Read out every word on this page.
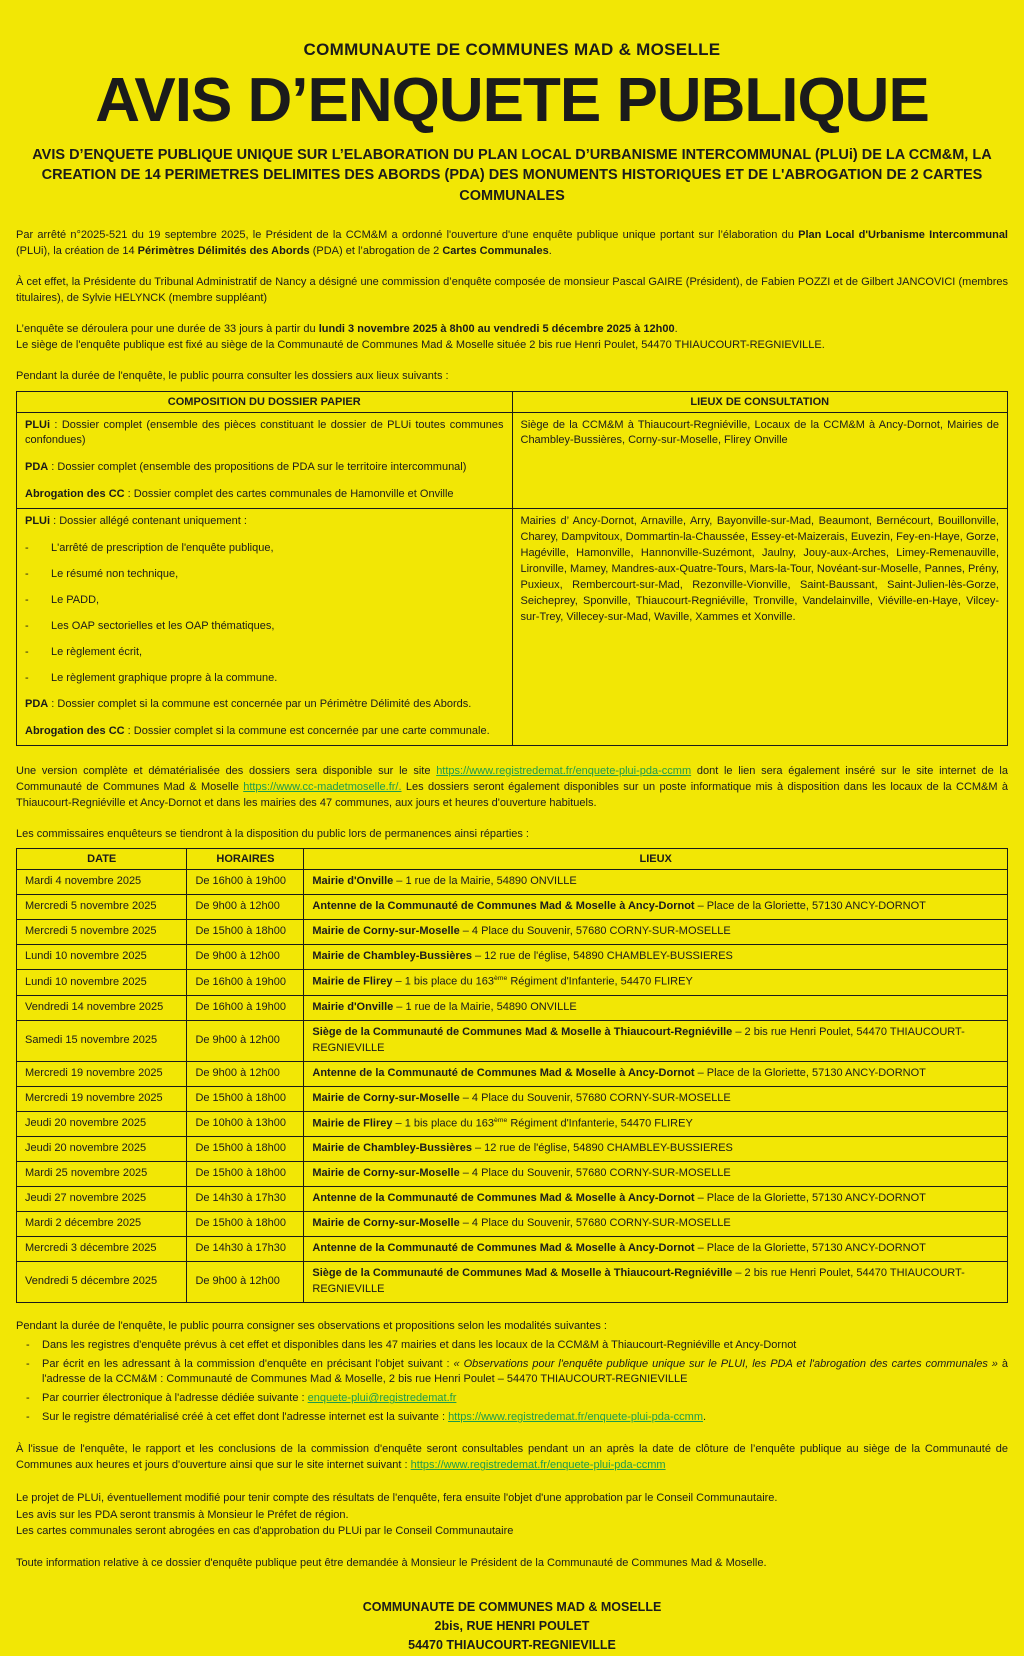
COMMUNAUTE DE COMMUNES MAD & MOSELLE
AVIS D’ENQUETE PUBLIQUE
AVIS D’ENQUETE PUBLIQUE UNIQUE SUR L’ELABORATION DU PLAN LOCAL D’URBANISME INTERCOMMUNAL (PLUi) DE LA CCM&M, LA CREATION DE 14 PERIMETRES DELIMITES DES ABORDS (PDA) DES MONUMENTS HISTORIQUES ET DE L'ABROGATION DE 2 CARTES COMMUNALES

Par arrêté n°2025-521 du 19 septembre 2025, le Président de la CCM&M a ordonné l'ouverture d'une enquête publique unique portant sur l’élaboration du Plan Local d'Urbanisme Intercommunal (PLUi), la création de 14 Périmètres Délimités des Abords (PDA) et l’abrogation de 2 Cartes Communales.

À cet effet, la Présidente du Tribunal Administratif de Nancy a désigné une commission d’enquête composée de monsieur Pascal GAIRE (Président), de Fabien POZZI et de Gilbert JANCOVICI (membres titulaires), de Sylvie HELYNCK (membre suppléant)

L’enquête se déroulera pour une durée de 33 jours à partir du lundi 3 novembre 2025 à 8h00 au vendredi 5 décembre 2025 à 12h00.
Le siège de l'enquête publique est fixé au siège de la Communauté de Communes Mad & Moselle située 2 bis rue Henri Poulet, 54470 THIAUCOURT-REGNIEVILLE.

Pendant la durée de l'enquête, le public pourra consulter les dossiers aux lieux suivants :

COMPOSITION DU DOSSIER PAPIER	LIEUX DE CONSULTATION

PLUi : Dossier complet (ensemble des pièces constituant le dossier de PLUi toutes communes confondues)
PDA : Dossier complet (ensemble des propositions de PDA sur le territoire intercommunal)
Abrogation des CC : Dossier complet des cartes communales de Hamonville et Onville	Siège de la CCM&M à Thiaucourt-Regniéville, Locaux de la CCM&M à Ancy-Dornot, Mairies de Chambley-Bussières, Corny-sur-Moselle, Flirey Onville

PLUi : Dossier allégé contenant uniquement :
-	L'arrêté de prescription de l'enquête publique,
-	Le résumé non technique,
-	Le PADD,
-	Les OAP sectorielles et les OAP thématiques,
-	Le règlement écrit,
-	Le règlement graphique propre à la commune.
PDA : Dossier complet si la commune est concernée par un Périmètre Délimité des Abords.
Abrogation des CC : Dossier complet si la commune est concernée par une carte communale.
	Mairies d’ Ancy-Dornot, Arnaville, Arry, Bayonville-sur-Mad, Beaumont, Bernécourt, Bouillonville, Charey, Dampvitoux, Dommartin-la-Chaussée, Essey-et-Maizerais, Euvezin, Fey-en-Haye, Gorze, Hagéville, Hamonville, Hannonville-Suzémont, Jaulny, Jouy-aux-Arches, Limey-Remenauville, Lironville, Mamey, Mandres-aux-Quatre-Tours, Mars-la-Tour, Novéant-sur-Moselle, Pannes, Prény, Puxieux, Rembercourt-sur-Mad, Rezonville-Vionville, Saint-Baussant, Saint-Julien-lès-Gorze, Seicheprey, Sponville, Thiaucourt-Regniéville, Tronville, Vandelainville, Viéville-en-Haye, Vilcey-sur-Trey, Villecey-sur-Mad, Waville, Xammes et Xonville.

Une version complète et dématérialisée des dossiers sera disponible sur le site https://www.registredemat.fr/enquete-plui-pda-ccmm dont le lien sera également inséré sur le site internet de la Communauté de Communes Mad & Moselle https://www.cc-madetmoselle.fr/. Les dossiers seront également disponibles sur un poste informatique mis à disposition dans les locaux de la CCM&M à Thiaucourt-Regniéville et Ancy-Dornot et dans les mairies des 47 communes, aux jours et heures d'ouverture habituels.

Les commissaires enquêteurs se tiendront à la disposition du public lors de permanences ainsi réparties :

DATE	HORAIRES	LIEUX
Mardi 4 novembre 2025	De 16h00 à 19h00	Mairie d'Onville – 1 rue de la Mairie, 54890 ONVILLE
Mercredi 5 novembre 2025	De 9h00 à 12h00	Antenne de la Communauté de Communes Mad & Moselle à Ancy-Dornot – Place de la Gloriette, 57130 ANCY-DORNOT
Mercredi 5 novembre 2025	De 15h00 à 18h00	Mairie de Corny-sur-Moselle – 4 Place du Souvenir, 57680 CORNY-SUR-MOSELLE
Lundi 10 novembre 2025	De 9h00 à 12h00	Mairie de Chambley-Bussières – 12 rue de l'église, 54890 CHAMBLEY-BUSSIERES
Lundi 10 novembre 2025	De 16h00 à 19h00	Mairie de Flirey – 1 bis place du 163ème Régiment d'Infanterie, 54470 FLIREY
Vendredi 14 novembre 2025	De 16h00 à 19h00	Mairie d'Onville – 1 rue de la Mairie, 54890 ONVILLE
Samedi 15 novembre 2025	De 9h00 à 12h00	Siège de la Communauté de Communes Mad & Moselle à Thiaucourt-Regniéville – 2 bis rue Henri Poulet, 54470 THIAUCOURT-REGNIEVILLE
Mercredi 19 novembre 2025	De 9h00 à 12h00	Antenne de la Communauté de Communes Mad & Moselle à Ancy-Dornot – Place de la Gloriette, 57130 ANCY-DORNOT
Mercredi 19 novembre 2025	De 15h00 à 18h00	Mairie de Corny-sur-Moselle – 4 Place du Souvenir, 57680 CORNY-SUR-MOSELLE
Jeudi 20 novembre 2025	De 10h00 à 13h00	Mairie de Flirey – 1 bis place du 163ème Régiment d'Infanterie, 54470 FLIREY
Jeudi 20 novembre 2025	De 15h00 à 18h00	Mairie de Chambley-Bussières – 12 rue de l'église, 54890 CHAMBLEY-BUSSIERES
Mardi 25 novembre 2025	De 15h00 à 18h00	Mairie de Corny-sur-Moselle – 4 Place du Souvenir, 57680 CORNY-SUR-MOSELLE
Jeudi 27 novembre 2025	De 14h30 à 17h30	Antenne de la Communauté de Communes Mad & Moselle à Ancy-Dornot – Place de la Gloriette, 57130 ANCY-DORNOT
Mardi 2 décembre 2025	De 15h00 à 18h00	Mairie de Corny-sur-Moselle – 4 Place du Souvenir, 57680 CORNY-SUR-MOSELLE
Mercredi 3 décembre 2025	De 14h30 à 17h30	Antenne de la Communauté de Communes Mad & Moselle à Ancy-Dornot – Place de la Gloriette, 57130 ANCY-DORNOT
Vendredi 5 décembre 2025	De 9h00 à 12h00	Siège de la Communauté de Communes Mad & Moselle à Thiaucourt-Regniéville – 2 bis rue Henri Poulet, 54470 THIAUCOURT-REGNIEVILLE
Pendant la durée de l'enquête, le public pourra consigner ses observations et propositions selon les modalités suivantes :
-	Dans les registres d'enquête prévus à cet effet et disponibles dans les 47 mairies et dans les locaux de la CCM&M à Thiaucourt-Regniéville et Ancy-Dornot
-	Par écrit en les adressant à la commission d'enquête en précisant l'objet suivant : « Observations pour l'enquête publique unique sur le PLUI, les PDA et l'abrogation des cartes communales » à l'adresse de la CCM&M : Communauté de Communes Mad & Moselle, 2 bis rue Henri Poulet – 54470 THIAUCOURT-REGNIEVILLE
-	Par courrier électronique à l'adresse dédiée suivante : enquete-plui@registredemat.fr
-	Sur le registre dématérialisé créé à cet effet dont l'adresse internet est la suivante : https://www.registredemat.fr/enquete-plui-pda-ccmm.

À l'issue de l'enquête, le rapport et les conclusions de la commission d'enquête seront consultables pendant un an après la date de clôture de l’enquête publique au siège de la Communauté de Communes aux heures et jours d'ouverture ainsi que sur le site internet suivant : https://www.registredemat.fr/enquete-plui-pda-ccmm

Le projet de PLUi, éventuellement modifié pour tenir compte des résultats de l'enquête, fera ensuite l'objet d'une approbation par le Conseil Communautaire.
Les avis sur les PDA seront transmis à Monsieur le Préfet de région.
Les cartes communales seront abrogées en cas d'approbation du PLUi par le Conseil Communautaire

Toute information relative à ce dossier d'enquête publique peut être demandée à Monsieur le Président de la Communauté de Communes Mad & Moselle.

COMMUNAUTE DE COMMUNES MAD & MOSELLE
2bis, RUE HENRI POULET
54470 THIAUCOURT-REGNIEVILLE
